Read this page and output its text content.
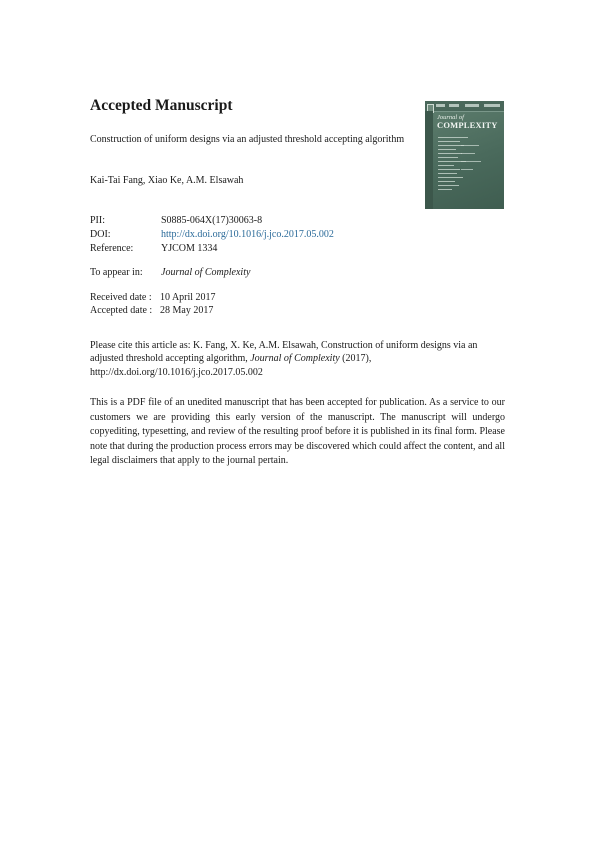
Accepted Manuscript

Construction of uniform designs via an adjusted threshold accepting algorithm

Kai-Tai Fang, Xiao Ke, A.M. Elsawah

PII:	S0885-064X(17)30063-8
DOI:	http://dx.doi.org/10.1016/j.jco.2017.05.002
Reference:	YJCOM 1334
To appear in: Journal of Complexity
Received date : 10 April 2017
Accepted date : 28 May 2017

Please cite this article as: K. Fang, X. Ke, A.M. Elsawah, Construction of uniform designs via an adjusted threshold accepting algorithm, Journal of Complexity (2017), http://dx.doi.org/10.1016/j.jco.2017.05.002

This is a PDF file of an unedited manuscript that has been accepted for publication. As a service to our customers we are providing this early version of the manuscript. The manuscript will undergo copyediting, typesetting, and review of the resulting proof before it is published in its final form. Please note that during the production process errors may be discovered which could affect the content, and all legal disclaimers that apply to the journal pertain.

Journal of
COMPLEXITY
